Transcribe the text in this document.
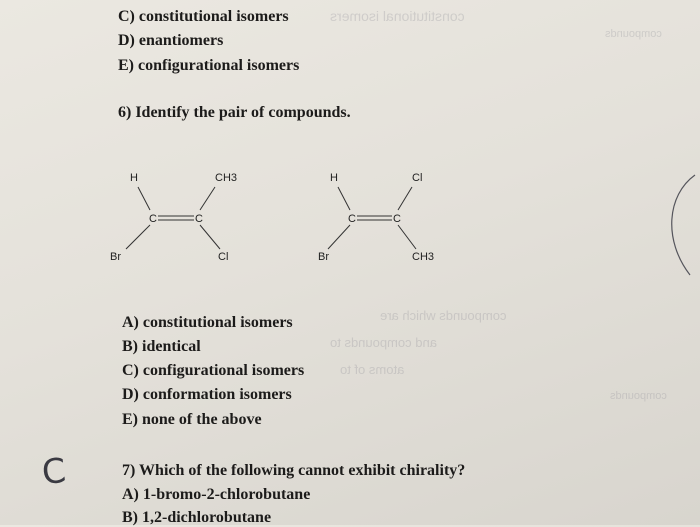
constitutional isomers
compounds
compounds which are
and compounds to
atoms of to
compounds
C) constitutional isomers
D) enantiomers
E) configurational isomers
6) Identify the pair of compounds.
H	CH3
Br	Cl
C	C
H	Cl
Br	CH3
C	C
A) constitutional isomers
B) identical
C) configurational isomers
D) conformation isomers
E) none of the above
C	7) Which of the following cannot exhibit chirality?
A) 1-bromo-2-chlorobutane
B) 1,2-dichlorobutane
